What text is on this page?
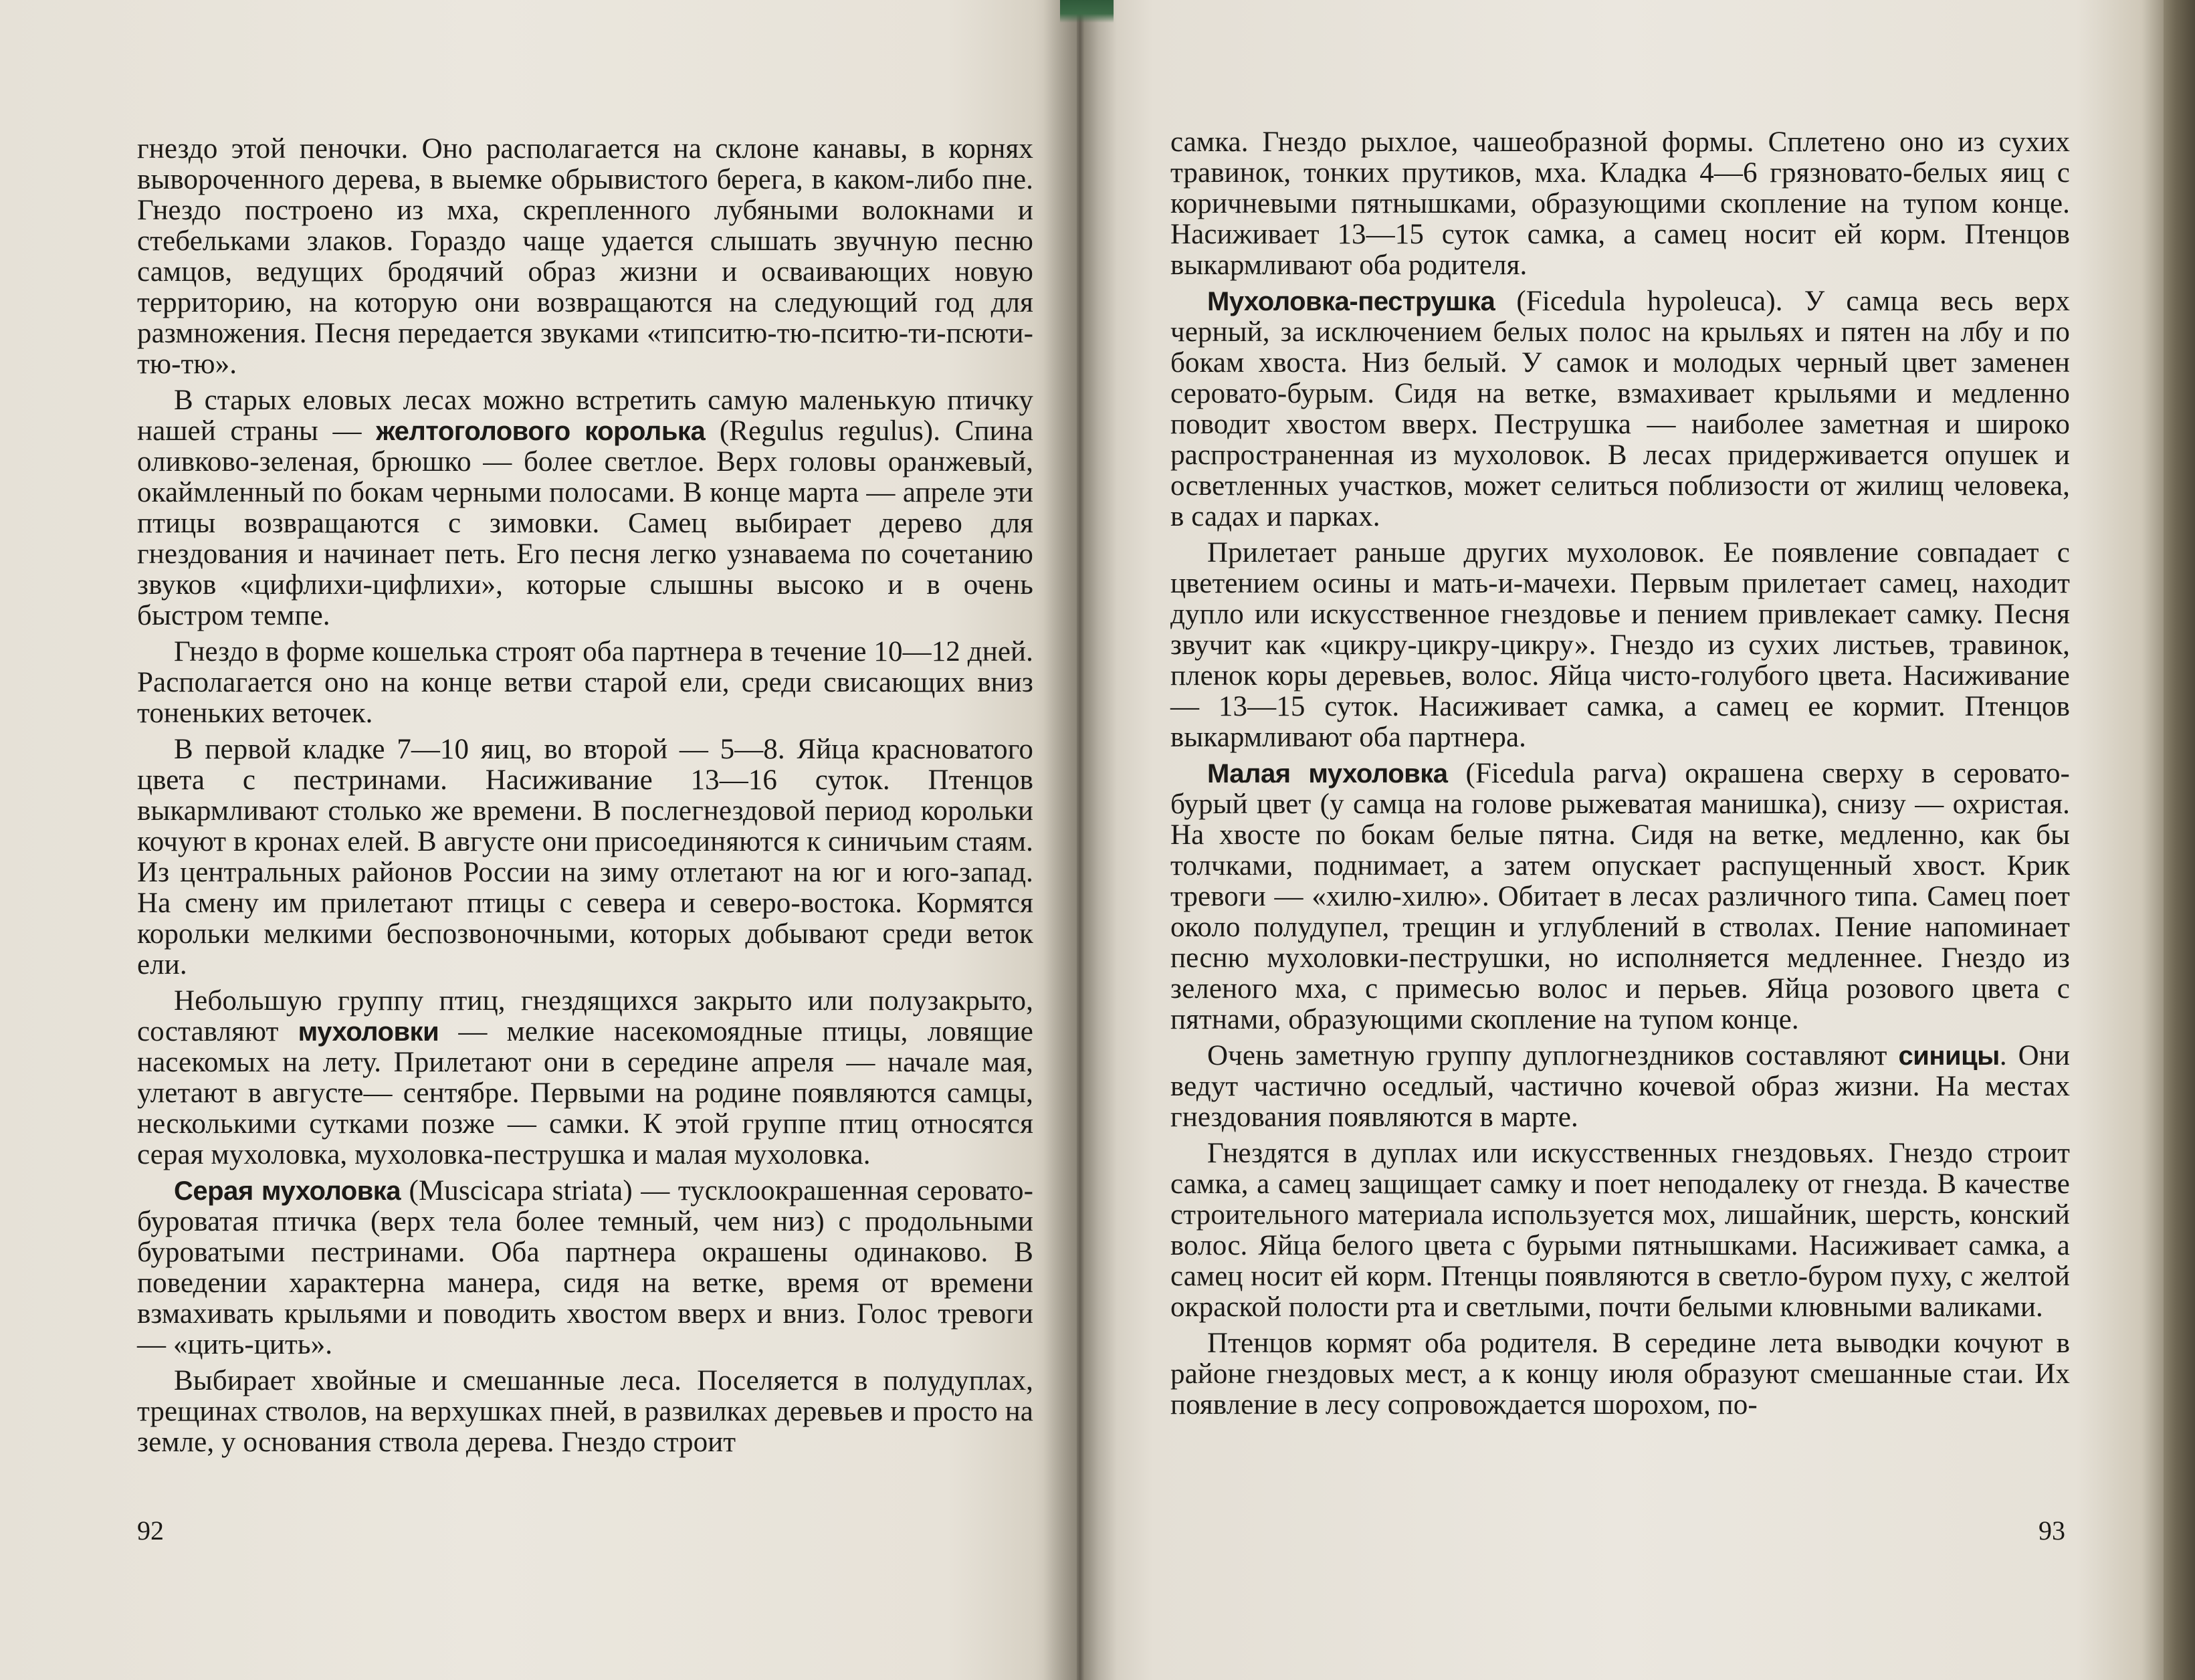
гнездо этой пеночки. Оно располагается на склоне канавы, в корнях вывороченного дерева, в выемке обрывистого берега, в каком-либо пне. Гнездо построено из мха, скрепленного лубяными волокнами и стебельками злаков. Гораздо чаще удается слышать звучную песню самцов, ведущих бродячий образ жизни и осваивающих новую территорию, на которую они возвращаются на следующий год для размножения. Песня передается звуками «типситю-тю-пситю-ти-псюти-тю-тю».

В старых еловых лесах можно встретить самую маленькую птичку нашей страны — желтоголового королька (Regulus regulus). Спина оливково-зеленая, брюшко — более светлое. Верх головы оранжевый, окаймленный по бокам черными полосами. В конце марта — апреле эти птицы возвращаются с зимовки. Самец выбирает дерево для гнездования и начинает петь. Его песня легко узнаваема по сочетанию звуков «цифлихи-цифлихи», которые слышны высоко и в очень быстром темпе.

Гнездо в форме кошелька строят оба партнера в течение 10—12 дней. Располагается оно на конце ветви старой ели, среди свисающих вниз тоненьких веточек.

В первой кладке 7—10 яиц, во второй — 5—8. Яйца красноватого цвета с пестринами. Насиживание 13—16 суток. Птенцов выкармливают столько же времени. В послегнездовой период корольки кочуют в кронах елей. В августе они присоединяются к синичьим стаям. Из центральных районов России на зиму отлетают на юг и юго-запад. На смену им прилетают птицы с севера и северо-востока. Кормятся корольки мелкими беспозвоночными, которых добывают среди веток ели.

Небольшую группу птиц, гнездящихся закрыто или полузакрыто, составляют мухоловки — мелкие насекомоядные птицы, ловящие насекомых на лету. Прилетают они в середине апреля — начале мая, улетают в августе— сентябре. Первыми на родине появляются самцы, несколькими сутками позже — самки. К этой группе птиц относятся серая мухоловка, мухоловка-пеструшка и малая мухоловка.

Серая мухоловка (Muscicapa striata) — тусклоокрашенная серовато-буроватая птичка (верх тела более темный, чем низ) с продольными буроватыми пестринами. Оба партнера окрашены одинаково. В поведении характерна манера, сидя на ветке, время от времени взмахивать крыльями и поводить хвостом вверх и вниз. Голос тревоги — «цить-цить».

Выбирает хвойные и смешанные леса. Поселяется в полудуплах, трещинах стволов, на верхушках пней, в развилках деревьев и просто на земле, у основания ствола дерева. Гнездо строит

92

самка. Гнездо рыхлое, чашеобразной формы. Сплетено оно из сухих травинок, тонких прутиков, мха. Кладка 4—6 грязновато-белых яиц с коричневыми пятнышками, образующими скопление на тупом конце. Насиживает 13—15 суток самка, а самец носит ей корм. Птенцов выкармливают оба родителя.

Мухоловка-пеструшка (Ficedula hypoleuca). У самца весь верх черный, за исключением белых полос на крыльях и пятен на лбу и по бокам хвоста. Низ белый. У самок и молодых черный цвет заменен серовато-бурым. Сидя на ветке, взмахивает крыльями и медленно поводит хвостом вверх. Пеструшка — наиболее заметная и широко распространенная из мухоловок. В лесах придерживается опушек и осветленных участков, может селиться поблизости от жилищ человека, в садах и парках.

Прилетает раньше других мухоловок. Ее появление совпадает с цветением осины и мать-и-мачехи. Первым прилетает самец, находит дупло или искусственное гнездовье и пением привлекает самку. Песня звучит как «цикру-цикру-цикру». Гнездо из сухих листьев, травинок, пленок коры деревьев, волос. Яйца чисто-голубого цвета. Насиживание — 13—15 суток. Насиживает самка, а самец ее кормит. Птенцов выкармливают оба партнера.

Малая мухоловка (Ficedula parva) окрашена сверху в серовато-бурый цвет (у самца на голове рыжеватая манишка), снизу — охристая. На хвосте по бокам белые пятна. Сидя на ветке, медленно, как бы толчками, поднимает, а затем опускает распущенный хвост. Крик тревоги — «хилю-хилю». Обитает в лесах различного типа. Самец поет около полудупел, трещин и углублений в стволах. Пение напоминает песню мухоловки-пеструшки, но исполняется медленнее. Гнездо из зеленого мха, с примесью волос и перьев. Яйца розового цвета с пятнами, образующими скопление на тупом конце.

Очень заметную группу дуплогнездников составляют синицы. Они ведут частично оседлый, частично кочевой образ жизни. На местах гнездования появляются в марте.

Гнездятся в дуплах или искусственных гнездовьях. Гнездо строит самка, а самец защищает самку и поет неподалеку от гнезда. В качестве строительного материала используется мох, лишайник, шерсть, конский волос. Яйца белого цвета с бурыми пятнышками. Насиживает самка, а самец носит ей корм. Птенцы появляются в светло-буром пуху, с желтой окраской полости рта и светлыми, почти белыми клювными валиками.

Птенцов кормят оба родителя. В середине лета выводки кочуют в районе гнездовых мест, а к концу июля образуют смешанные стаи. Их появление в лесу сопровождается шорохом, по-

93
